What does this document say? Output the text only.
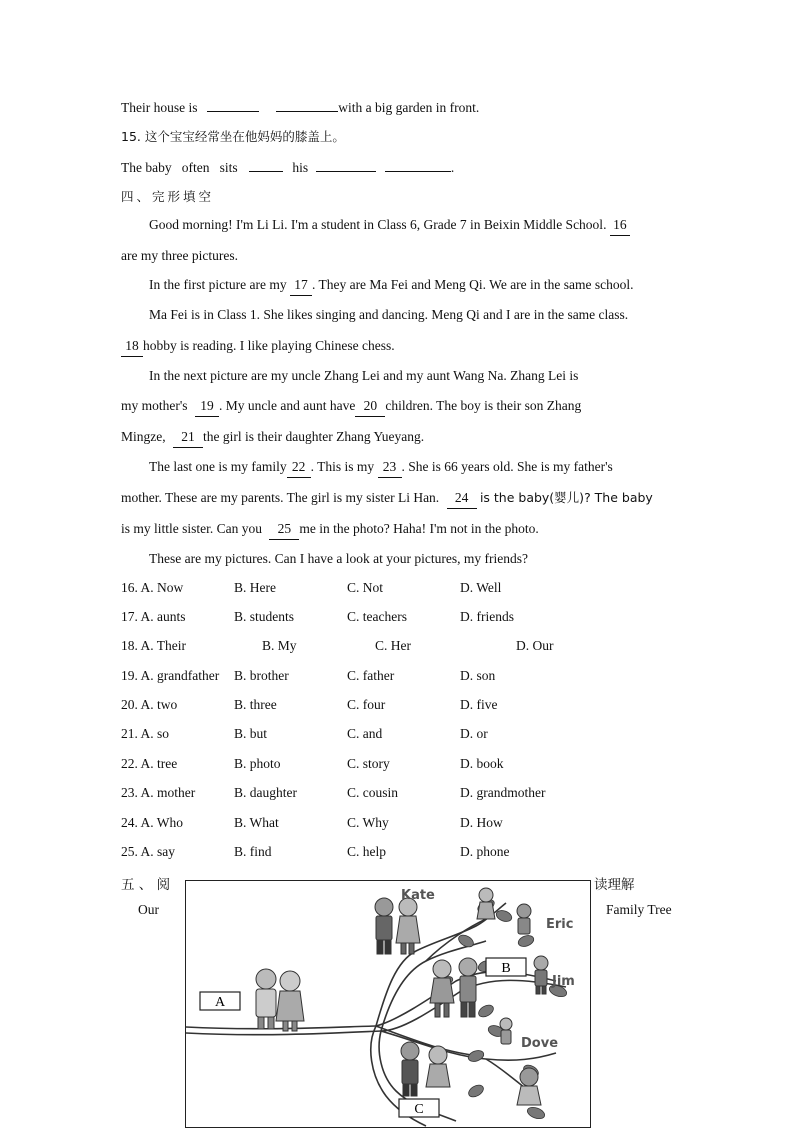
Their house is	with a big garden in front.
15. 这个宝宝经常坐在他妈妈的膝盖上。
The baby often sits	his	.
四、完形填空
Good morning! I'm Li Li. I'm a student in Class 6, Grade 7 in Beixin Middle School. 16
are my three pictures.
In the first picture are my 17 . They are Ma Fei and Meng Qi. We are in the same school.
Ma Fei is in Class 1. She likes singing and dancing. Meng Qi and I are in the same class.
18 hobby is reading. I like playing Chinese chess.
In the next picture are my uncle Zhang Lei and my aunt Wang Na. Zhang Lei is
my mother's 19 . My uncle and aunt have 20 children. The boy is their son Zhang
Mingze, 21 the girl is their daughter Zhang Yueyang.
The last one is my family 22 . This is my 23 . She is 66 years old. She is my father's
mother. These are my parents. The girl is my sister Li Han. 24 is the baby(婴儿)? The baby
is my little sister. Can you 25 me in the photo? Haha! I'm not in the photo.
These are my pictures. Can I have a look at your pictures, my friends?
16. A. Now	B. Here	C. Not	D. Well
17. A. aunts	B. students	C. teachers	D. friends
18. A. Their	B. My	C. Her	D. Our
19. A. grandfather B. brother	C. father	D. son
20. A. two	B. three	C. four	D. five
21. A. so	B. but	C. and	D. or
22. A. tree	B. photo	C. story	D. book
23. A. mother	B. daughter	C. cousin	D. grandmother
24. A. Who	B. What	C. Why	D. How
25. A. say	B. find	C. help	D. phone
五 、 阅	读理解
Our	Family Tree
A
B
C
Kate
Eric
Jim
Dove
